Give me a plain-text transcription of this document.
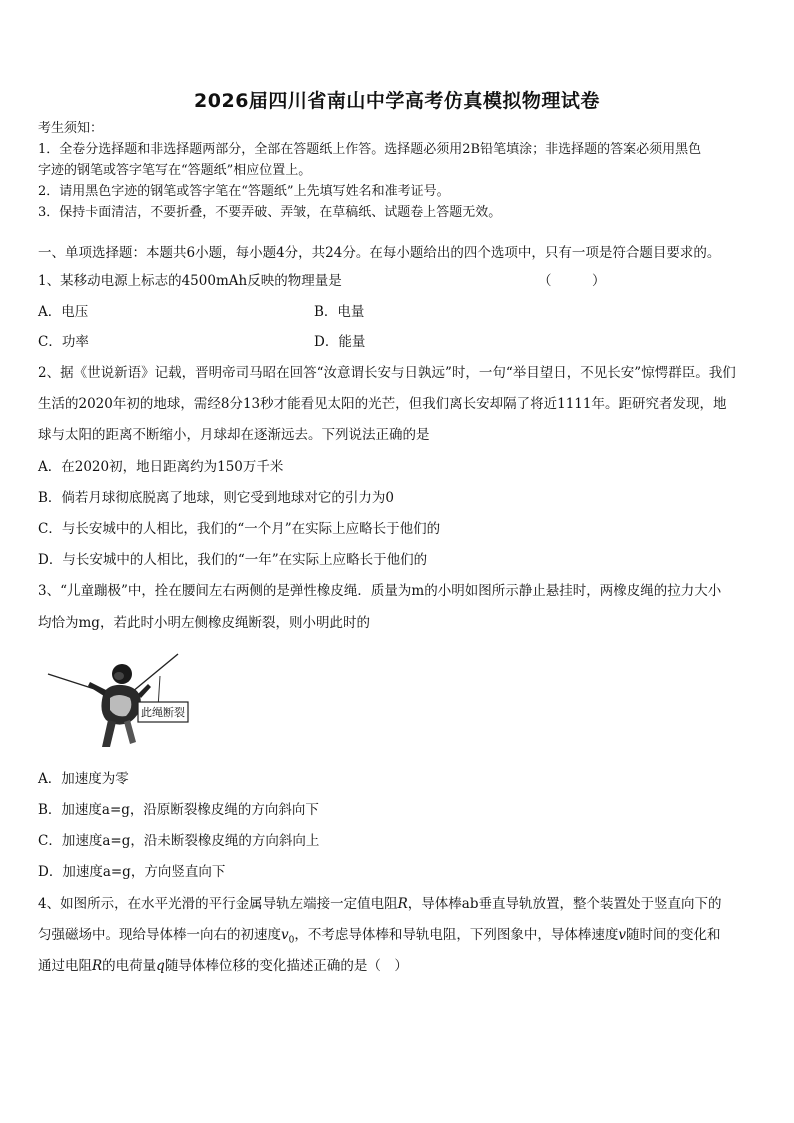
2026届四川省南山中学高考仿真模拟物理试卷
考生须知：
1．全卷分选择题和非选择题两部分，全部在答题纸上作答。选择题必须用2B铅笔填涂；非选择题的答案必须用黑色
字迹的钢笔或答字笔写在“答题纸”相应位置上。
2．请用黑色字迹的钢笔或答字笔在“答题纸”上先填写姓名和准考证号。
3．保持卡面清洁，不要折叠，不要弄破、弄皱，在草稿纸、试题卷上答题无效。
一、单项选择题：本题共6小题，每小题4分，共24分。在每小题给出的四个选项中，只有一项是符合题目要求的。
1、某移动电源上标志的4500mAh反映的物理量是	（　　　）
A．电压	B．电量
C．功率	D．能量
2、据《世说新语》记载，晋明帝司马昭在回答“汝意谓长安与日孰远”时，一句“举目望日，不见长安”惊愕群臣。我们
生活的2020年初的地球，需经8分13秒才能看见太阳的光芒，但我们离长安却隔了将近1111年。距研究者发现，地
球与太阳的距离不断缩小，月球却在逐渐远去。下列说法正确的是
A．在2020初，地日距离约为150万千米
B．倘若月球彻底脱离了地球，则它受到地球对它的引力为0
C．与长安城中的人相比，我们的“一个月”在实际上应略长于他们的
D．与长安城中的人相比，我们的“一年”在实际上应略长于他们的
3、“儿童蹦极”中，拴在腰间左右两侧的是弹性橡皮绳．质量为m的小明如图所示静止悬挂时，两橡皮绳的拉力大小
均恰为mg，若此时小明左侧橡皮绳断裂，则小明此时的
此绳断裂
A．加速度为零
B．加速度a=g，沿原断裂橡皮绳的方向斜向下
C．加速度a=g，沿未断裂橡皮绳的方向斜向上
D．加速度a=g，方向竖直向下
4、如图所示，在水平光滑的平行金属导轨左端接一定值电阻R，导体棒ab垂直导轨放置，整个装置处于竖直向下的
匀强磁场中。现给导体棒一向右的初速度$v_0$，不考虑导体棒和导轨电阻，下列图象中，导体棒速度v随时间的变化和
通过电阻R的电荷量q随导体棒位移的变化描述正确的是（　）
